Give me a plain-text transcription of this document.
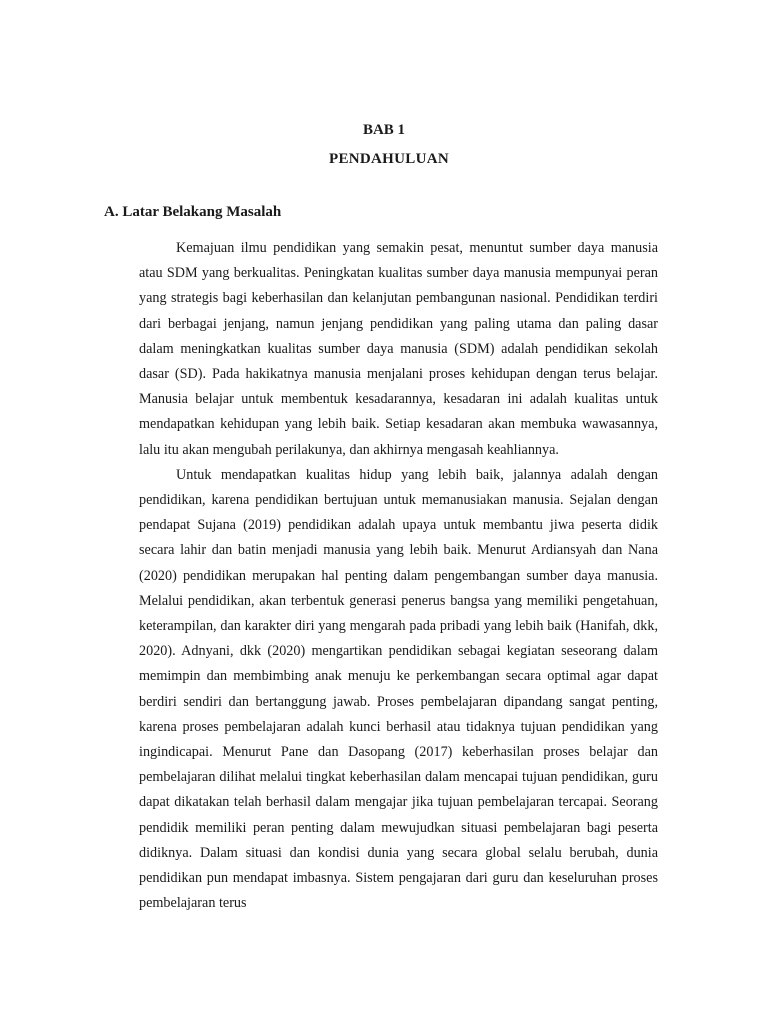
BAB 1
PENDAHULUAN
A. Latar Belakang Masalah

Kemajuan ilmu pendidikan yang semakin pesat, menuntut sumber daya manusia atau SDM yang berkualitas. Peningkatan kualitas sumber daya manusia mempunyai peran yang strategis bagi keberhasilan dan kelanjutan pembangunan nasional. Pendidikan terdiri dari berbagai jenjang, namun jenjang pendidikan yang paling utama dan paling dasar dalam meningkatkan kualitas sumber daya manusia (SDM) adalah pendidikan sekolah dasar (SD). Pada hakikatnya manusia menjalani proses kehidupan dengan terus belajar. Manusia belajar untuk membentuk kesadarannya, kesadaran ini adalah kualitas untuk mendapatkan kehidupan yang lebih baik. Setiap kesadaran akan membuka wawasannya, lalu itu akan mengubah perilakunya, dan akhirnya mengasah keahliannya.

Untuk mendapatkan kualitas hidup yang lebih baik, jalannya adalah dengan pendidikan, karena pendidikan bertujuan untuk memanusiakan manusia. Sejalan dengan pendapat Sujana (2019) pendidikan adalah upaya untuk membantu jiwa peserta didik secara lahir dan batin menjadi manusia yang lebih baik. Menurut Ardiansyah dan Nana (2020) pendidikan merupakan hal penting dalam pengembangan sumber daya manusia. Melalui pendidikan, akan terbentuk generasi penerus bangsa yang memiliki pengetahuan, keterampilan, dan karakter diri yang mengarah pada pribadi yang lebih baik (Hanifah, dkk, 2020). Adnyani, dkk (2020) mengartikan pendidikan sebagai kegiatan seseorang dalam memimpin dan membimbing anak menuju ke perkembangan secara optimal agar dapat berdiri sendiri dan bertanggung jawab. Proses pembelajaran dipandang sangat penting, karena proses pembelajaran adalah kunci berhasil atau tidaknya tujuan pendidikan yang ingindicapai. Menurut Pane dan Dasopang (2017) keberhasilan proses belajar dan pembelajaran dilihat melalui tingkat keberhasilan dalam mencapai tujuan pendidikan, guru dapat dikatakan telah berhasil dalam mengajar jika tujuan pembelajaran tercapai. Seorang pendidik memiliki peran penting dalam mewujudkan situasi pembelajaran bagi peserta didiknya. Dalam situasi dan kondisi dunia yang secara global selalu berubah, dunia pendidikan pun mendapat imbasnya. Sistem pengajaran dari guru dan keseluruhan proses pembelajaran terus
